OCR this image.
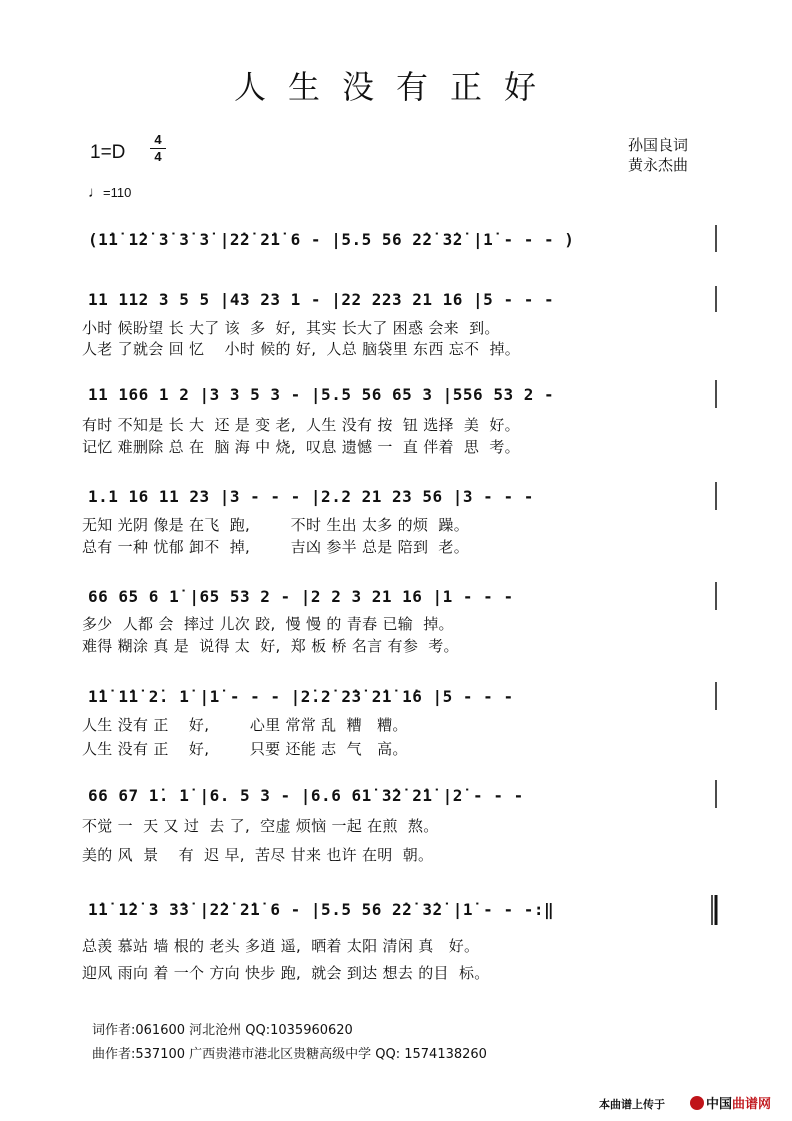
人生没有正好
1=D
4
4
孙国良词
黄永杰曲
♩=110
(1̇1̇ 1̇2̇ 3̇ 3̇ 3̇ |2̇2̇ 2̇1̇ 6 - |5.5 56 2̇2̇ 3̇2̇ |1̇ - - - )
11 112 3 5 5 |43 23 1 - |22 223 21 16 |5 - - -
小时 候盼望 长 大了 该  多  好,  其实 长大了 困惑 会来  到。
人老 了就会 回 忆    小时 候的 好,  人总 脑袋里 东西 忘不  掉。
11 166 1 2 |3 3 5 3 - |5.5 56 65 3 |556 53 2 -
有时 不知是 长 大  还 是 变 老,  人生 没有 按  钮 选择  美  好。
记忆 难删除 总 在  脑 海 中 烧,  叹息 遗憾 一  直 伴着  思  考。
1.1 16 11 23 |3 - - - |2.2 21 23 56 |3 - - -
无知 光阴 像是 在飞  跑,        不时 生出 太多 的烦  躁。
总有 一种 忧郁 卸不  掉,        吉凶 参半 总是 陪到  老。
66 65 6 1̇ |65 53 2 - |2 2 3 21 16 |1 - - -
多少  人都 会  摔过 儿次 跤,  慢 慢 的 青春 已输  掉。
难得 糊涂 真 是  说得 太  好,  郑 板 桥 名言 有参  考。
1̇1̇ 1̇1̇ 2̇. 1̇ |1̇ - - - |2̇.2̇ 2̇3̇ 2̇1̇ 1̇6 |5 - - -
人生 没有 正    好,        心里 常常 乱  糟   糟。
人生 没有 正    好,        只要 还能 志  气   高。
66 67 1̇. 1̇ |6. 5 3 - |6.6 61̇ 3̇2̇ 2̇1̇ |2̇ - - -
不觉 一  天 又 过  去 了,  空虚 烦恼 一起 在煎  熬。
美的 风  景    有  迟 早,  苦尽 甘来 也许 在明  朝。
1̇1̇ 1̇2̇ 3 3̇3̇ |2̇2̇ 2̇1̇ 6 - |5.5 56 2̇2̇ 3̇2̇ |1̇ - - -:‖
总羡 慕站 墙 根的 老头 多逍 遥,  晒着 太阳 清闲 真   好。
迎风 雨向 着 一个 方向 快步 跑,  就会 到达 想去 的目  标。
词作者:061600 河北沧州 QQ:1035960620
曲作者:537100 广西贵港市港北区贵糖高级中学 QQ: 1574138260
本曲谱上传于	中国曲谱网
